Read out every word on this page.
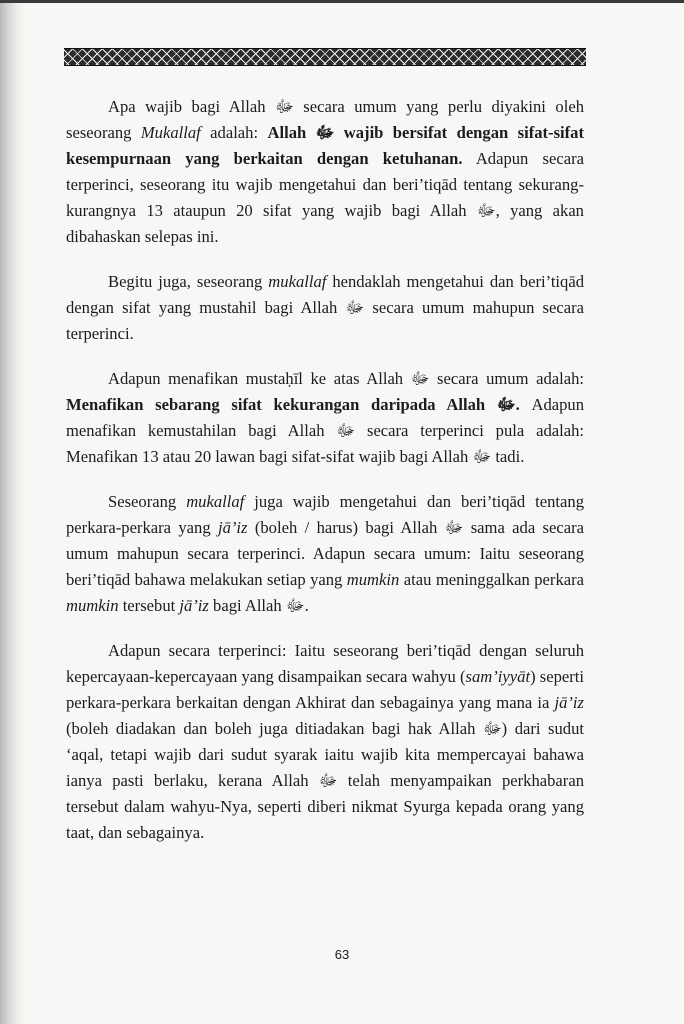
Apa wajib bagi Allah ﷻ secara umum yang perlu diyakini oleh seseorang Mukallaf adalah: Allah ﷻ wajib bersifat dengan sifat-sifat kesempurnaan yang berkaitan dengan ketuhanan. Adapun secara terperinci, seseorang itu wajib mengetahui dan beri’tiqād tentang sekurang-kurangnya 13 ataupun 20 sifat yang wajib bagi Allah ﷻ, yang akan dibahaskan selepas ini.

Begitu juga, seseorang mukallaf hendaklah mengetahui dan beri’tiqād dengan sifat yang mustahil bagi Allah ﷻ secara umum mahupun secara terperinci.

Adapun menafikan mustaḥīl ke atas Allah ﷻ secara umum adalah: Menafikan sebarang sifat kekurangan daripada Allah ﷻ. Adapun menafikan kemustahilan bagi Allah ﷻ secara terperinci pula adalah: Menafikan 13 atau 20 lawan bagi sifat-sifat wajib bagi Allah ﷻ tadi.

Seseorang mukallaf juga wajib mengetahui dan beri’tiqād tentang perkara-perkara yang jā’iz (boleh / harus) bagi Allah ﷻ sama ada secara umum mahupun secara terperinci. Adapun secara umum: Iaitu seseorang beri’tiqād bahawa melakukan setiap yang mumkin atau meninggalkan perkara mumkin tersebut jā’iz bagi Allah ﷻ.

Adapun secara terperinci: Iaitu seseorang beri’tiqād dengan seluruh kepercayaan-kepercayaan yang disampaikan secara wahyu (sam’iyyāt) seperti perkara-perkara berkaitan dengan Akhirat dan sebagainya yang mana ia jā’iz (boleh diadakan dan boleh juga ditiadakan bagi hak Allah ﷻ) dari sudut ‘aqal, tetapi wajib dari sudut syarak iaitu wajib kita mempercayai bahawa ianya pasti berlaku, kerana Allah ﷻ telah menyampaikan perkhabaran tersebut dalam wahyu-Nya, seperti diberi nikmat Syurga kepada orang yang taat, dan sebagainya.

63
